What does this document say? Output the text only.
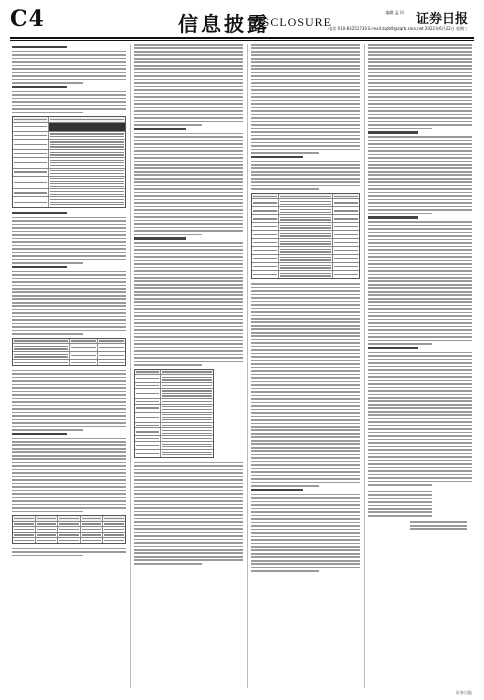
C4	信息披露
DISCLOSURE
编辑 孟 珂 证券日报
电话 010-83251730 E-mail:zqrb9@zqrb.sina.net 2022年6月22日 星期三
证券日报
